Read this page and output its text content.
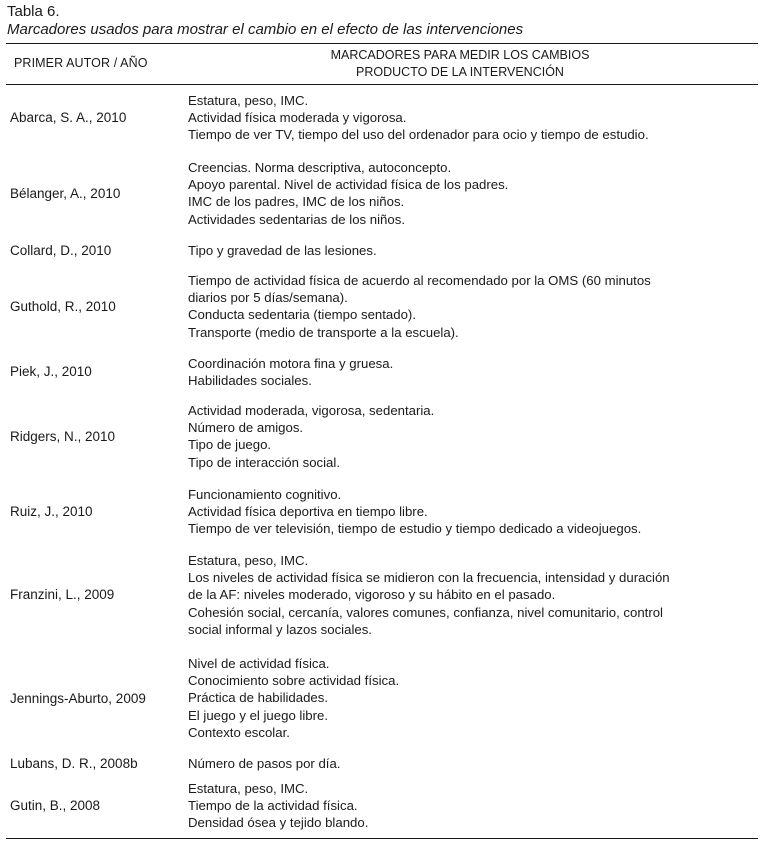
Tabla 6.
Marcadores usados para mostrar el cambio en el efecto de las intervenciones
PRIMER AUTOR / AÑO
MARCADORES PARA MEDIR LOS CAMBIOS
PRODUCTO DE LA INTERVENCIÓN
Abarca, S. A., 2010
Estatura, peso, IMC.
Actividad física moderada y vigorosa.
Tiempo de ver TV, tiempo del uso del ordenador para ocio y tiempo de estudio.
Bélanger, A., 2010
Creencias. Norma descriptiva, autoconcepto.
Apoyo parental. Nivel de actividad física de los padres.
IMC de los padres, IMC de los niños.
Actividades sedentarias de los niños.
Collard, D., 2010	Tipo y gravedad de las lesiones.
Guthold, R., 2010
Tiempo de actividad física de acuerdo al recomendado por la OMS (60 minutos
diarios por 5 días/semana).
Conducta sedentaria (tiempo sentado).
Transporte (medio de transporte a la escuela).
Piek, J., 2010
Coordinación motora fina y gruesa.
Habilidades sociales.
Ridgers, N., 2010
Actividad moderada, vigorosa, sedentaria.
Número de amigos.
Tipo de juego.
Tipo de interacción social.
Ruiz, J., 2010
Funcionamiento cognitivo.
Actividad física deportiva en tiempo libre.
Tiempo de ver televisión, tiempo de estudio y tiempo dedicado a videojuegos.
Franzini, L., 2009
Estatura, peso, IMC.
Los niveles de actividad física se midieron con la frecuencia, intensidad y duración
de la AF: niveles moderado, vigoroso y su hábito en el pasado.
Cohesión social, cercanía, valores comunes, confianza, nivel comunitario, control
social informal y lazos sociales.
Jennings-Aburto, 2009
Nivel de actividad física.
Conocimiento sobre actividad física.
Práctica de habilidades.
El juego y el juego libre.
Contexto escolar.
Lubans, D. R., 2008b	Número de pasos por día.
Gutin, B., 2008
Estatura, peso, IMC.
Tiempo de la actividad física.
Densidad ósea y tejido blando.
